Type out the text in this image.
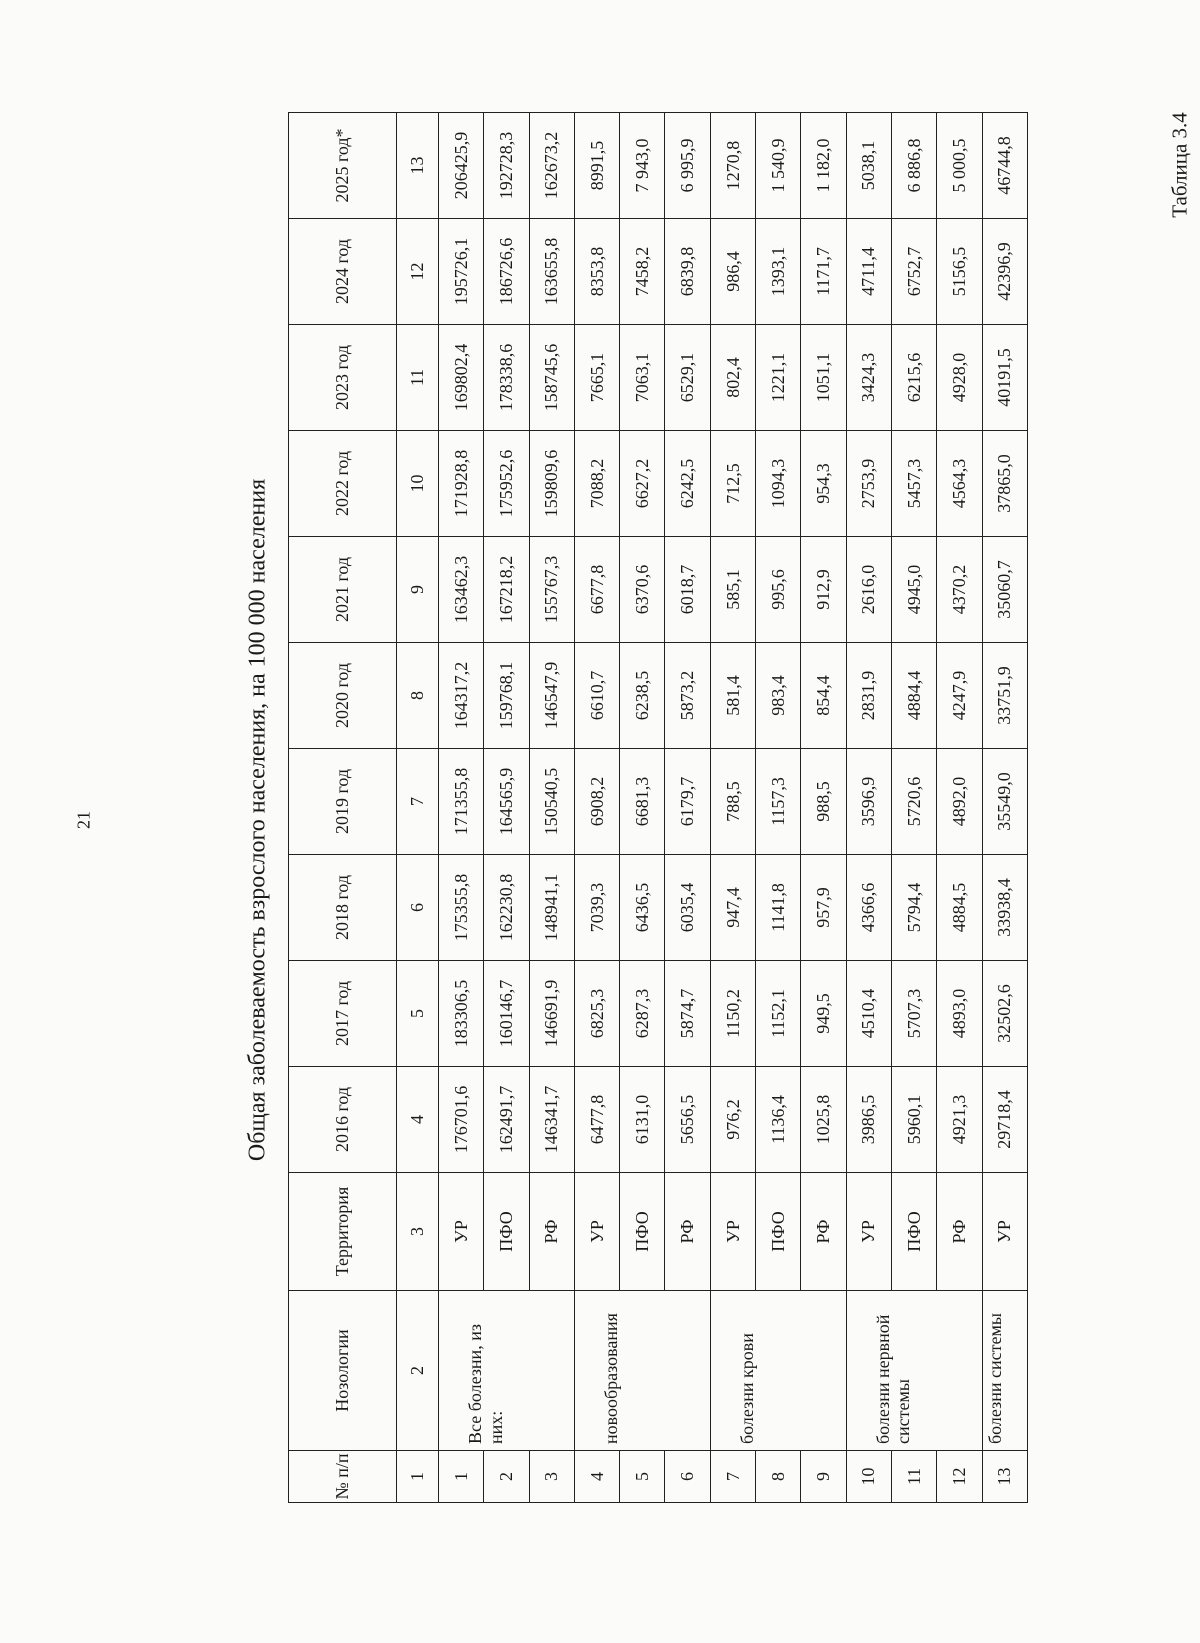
21	Общая заболеваемость взрослого населения, на 100 000 населения
Таблица 3.4
№ п/п	Нозологии	Территория	2016 год	2017 год	2018 год	2019 год	2020 год	2021 год	2022 год	2023 год	2024 год	2025 год*
1	2	3	4	5	6	7	8	9	10	11	12	13
1	Все болезни, из них:	УР	176701,6	183306,5	175355,8	171355,8	164317,2	163462,3	171928,8	169802,4	195726,1	206425,9
2		ПФО	162491,7	160146,7	162230,8	164565,9	159768,1	167218,2	175952,6	178338,6	186726,6	192728,3
3		РФ	146341,7	146691,9	148941,1	150540,5	146547,9	155767,3	159809,6	158745,6	163655,8	162673,2
4	новообразования	УР	6477,8	6825,3	7039,3	6908,2	6610,7	6677,8	7088,2	7665,1	8353,8	8991,5
5		ПФО	6131,0	6287,3	6436,5	6681,3	6238,5	6370,6	6627,2	7063,1	7458,2	7 943,0
6		РФ	5656,5	5874,7	6035,4	6179,7	5873,2	6018,7	6242,5	6529,1	6839,8	6 995,9
7	болезни крови	УР	976,2	1150,2	947,4	788,5	581,4	585,1	712,5	802,4	986,4	1270,8
8		ПФО	1136,4	1152,1	1141,8	1157,3	983,4	995,6	1094,3	1221,1	1393,1	1 540,9
9		РФ	1025,8	949,5	957,9	988,5	854,4	912,9	954,3	1051,1	1171,7	1 182,0
10	болезни нервной системы	УР	3986,5	4510,4	4366,6	3596,9	2831,9	2616,0	2753,9	3424,3	4711,4	5038,1
11		ПФО	5960,1	5707,3	5794,4	5720,6	4884,4	4945,0	5457,3	6215,6	6752,7	6 886,8
12		РФ	4921,3	4893,0	4884,5	4892,0	4247,9	4370,2	4564,3	4928,0	5156,5	5 000,5
13	болезни системы	УР	29718,4	32502,6	33938,4	35549,0	33751,9	35060,7	37865,0	40191,5	42396,9	46744,8
